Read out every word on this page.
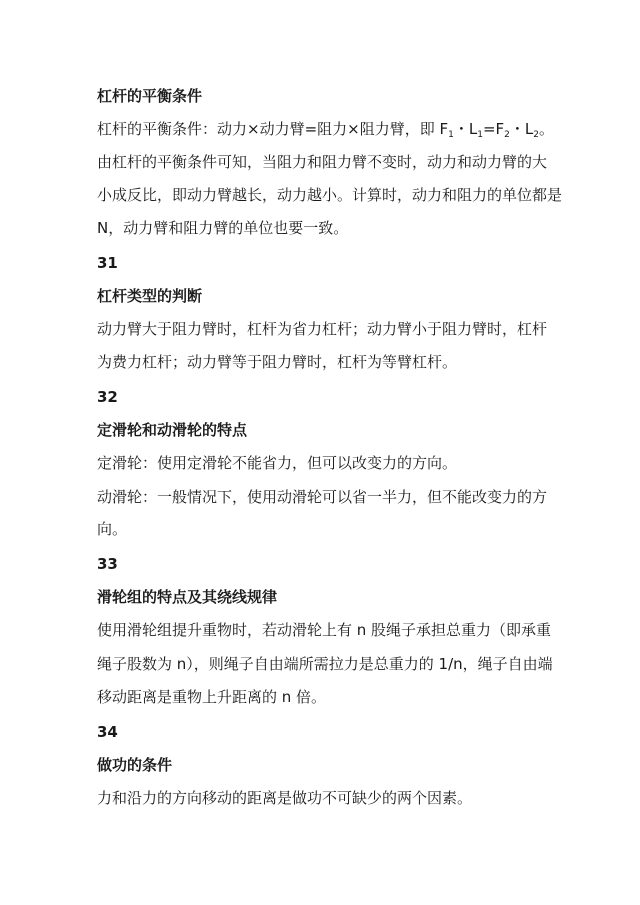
杠杆的平衡条件
杠杆的平衡条件：动力×动力臂=阻力×阻力臂，即 $F_1$・$L_1=F_2$・$L_2$。
由杠杆的平衡条件可知，当阻力和阻力臂不变时，动力和动力臂的大
小成反比，即动力臂越长，动力越小。计算时，动力和阻力的单位都是
N，动力臂和阻力臂的单位也要一致。
31
杠杆类型的判断
动力臂大于阻力臂时，杠杆为省力杠杆；动力臂小于阻力臂时，杠杆
为费力杠杆；动力臂等于阻力臂时，杠杆为等臂杠杆。
32
定滑轮和动滑轮的特点
定滑轮：使用定滑轮不能省力，但可以改变力的方向。
动滑轮：一般情况下，使用动滑轮可以省一半力，但不能改变力的方
向。
33
滑轮组的特点及其绕线规律
使用滑轮组提升重物时，若动滑轮上有 n 股绳子承担总重力（即承重
绳子股数为 n），则绳子自由端所需拉力是总重力的 1/n，绳子自由端
移动距离是重物上升距离的 n 倍。
34
做功的条件
力和沿力的方向移动的距离是做功不可缺少的两个因素。
